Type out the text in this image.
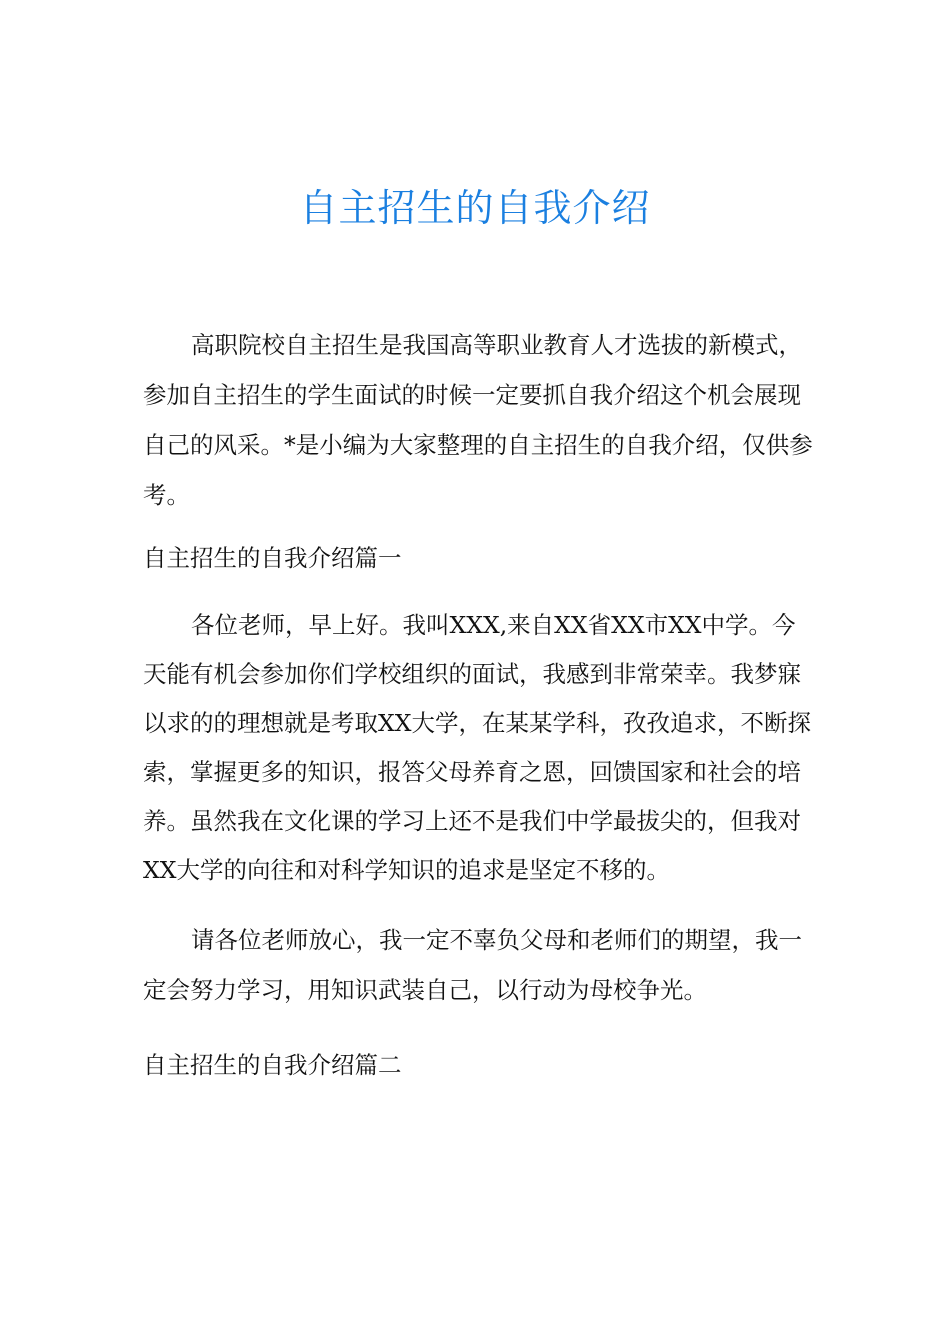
自主招生的自我介绍

高职院校自主招生是我国高等职业教育人才选拔的新模式，参加自主招生的学生面试的时候一定要抓自我介绍这个机会展现自己的风采。*是小编为大家整理的自主招生的自我介绍，仅供参考。

自主招生的自我介绍篇一

各位老师，早上好。我叫XXX,来自XX省XX市XX中学。今天能有机会参加你们学校组织的面试，我感到非常荣幸。我梦寐以求的的理想就是考取XX大学，在某某学科，孜孜追求，不断探索，掌握更多的知识，报答父母养育之恩，回馈国家和社会的培养。虽然我在文化课的学习上还不是我们中学最拔尖的，但我对XX大学的向往和对科学知识的追求是坚定不移的。

请各位老师放心，我一定不辜负父母和老师们的期望，我一定会努力学习，用知识武装自己，以行动为母校争光。

自主招生的自我介绍篇二
